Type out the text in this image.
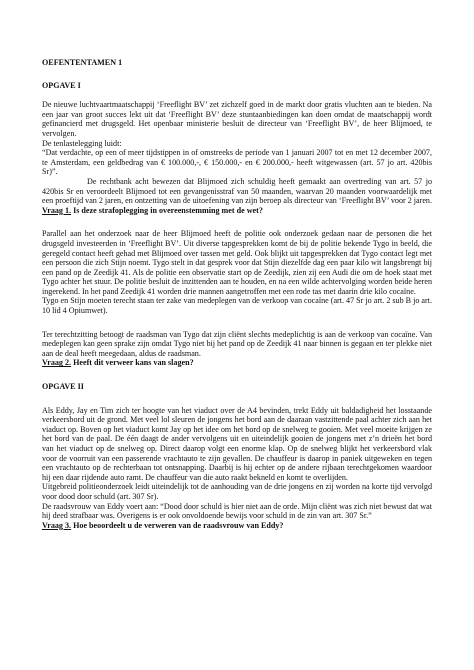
OEFENTENTAMEN 1

OPGAVE I

De nieuwe luchtvaartmaatschappij ‘Freeflight BV’ zet zichzelf goed in de markt door gratis vluchten aan te bieden. Na een jaar van groot succes lekt uit dat ‘Freeflight BV’ deze stuntaanbiedingen kan doen omdat de maatschappij wordt gefinancierd met drugsgeld. Het openbaar ministerie besluit de directeur van ‘Freeflight BV’, de heer Blijmoed, te vervolgen.

De tenlastelegging luidt:

“Dat verdachte, op een of meer tijdstippen in of omstreeks de periode van 1 januari 2007 tot en met 12 december 2007, te Amsterdam, een geldbedrag van € 100.000,-, € 150.000,- en € 200.000,- heeft witgewassen (art. 57 jo art. 420bis Sr)”.

De rechtbank acht bewezen dat Blijmoed zich schuldig heeft gemaakt aan overtreding van art. 57 jo 420bis Sr en veroordeelt Blijmoed tot een gevangenisstraf van 50 maanden, waarvan 20 maanden voorwaardelijk met een proeftijd van 2 jaren, en ontzetting van de uitoefening van zijn beroep als directeur van ‘Freeflight BV’ voor 2 jaren.

Vraag 1. Is deze strafoplegging in overeenstemming met de wet?

Parallel aan het onderzoek naar de heer Blijmoed heeft de politie ook onderzoek gedaan naar de personen die het drugsgeld investeerden in ‘Freeflight BV’. Uit diverse tapgesprekken komt de bij de politie bekende Tygo in beeld, die geregeld contact heeft gehad met Blijmoed over tassen met geld. Ook blijkt uit tapgesprekken dat Tygo contact legt met een persoon die zich Stijn noemt. Tygo stelt in dat gesprek voor dat Stijn diezelfde dag een paar kilo wit langsbrengt bij een pand op de Zeedijk 41. Als de politie een observatie start op de Zeedijk, zien zij een Audi die om de hoek staat met Tygo achter het stuur. De politie besluit de inzittenden aan te houden, en na een wilde achtervolging worden beide heren ingerekend. In het pand Zeedijk 41 worden drie mannen aangetroffen met een rode tas met daarin drie kilo cocaïne.

Tygo en Stijn moeten terecht staan ter zake van medeplegen van de verkoop van cocaïne (art. 47 Sr jo art. 2 sub B jo art. 10 lid 4 Opiumwet).

Ter terechtzitting betoogt de raadsman van Tygo dat zijn cliënt slechts medeplichtig is aan de verkoop van cocaïne. Van medeplegen kan geen sprake zijn omdat Tygo niet bij het pand op de Zeedijk 41 naar binnen is gegaan en ter plekke niet aan de deal heeft meegedaan, aldus de raadsman.

Vraag 2. Heeft dit verweer kans van slagen?

OPGAVE II

Als Eddy, Jay en Tim zich ter hoogte van het viaduct over de A4 bevinden, trekt Eddy uit baldadigheid het losstaande verkeersbord uit de grond. Met veel lol sleuren de jongens het bord aan de daaraan vastzittende paal achter zich aan het viaduct op. Boven op het viaduct komt Jay op het idee om het bord op de snelweg te gooien. Met veel moeite krijgen ze het bord van de paal. De één daagt de ander vervolgens uit en uiteindelijk gooien de jongens met z’n drieën het bord van het viaduct op de snelweg op. Direct daarop volgt een enorme klap. Op de snelweg blijkt het verkeersbord vlak voor de voorruit van een passerende vrachtauto te zijn gevallen. De chauffeur is daarop in paniek uitgeweken en tegen een vrachtauto op de rechterbaan tot ontsnapping. Daarbij is hij echter op de andere rijbaan terechtgekomen waardoor hij een daar rijdende auto ramt. De chauffeur van die auto raakt bekneld en komt te overlijden.

Uitgebreid politieonderzoek leidt uiteindelijk tot de aanhouding van de drie jongens en zij worden na korte tijd vervolgd voor dood door schuld (art. 307 Sr).

De raadsvrouw van Eddy voert aan: “Dood door schuld is hier niet aan de orde. Mijn cliënt was zich niet bewust dat wat hij deed strafbaar was. Overigens is er ook onvoldoende bewijs voor schuld in de zin van art. 307 Sr.”

Vraag 3. Hoe beoordeelt u de verweren van de raadsvrouw van Eddy?
